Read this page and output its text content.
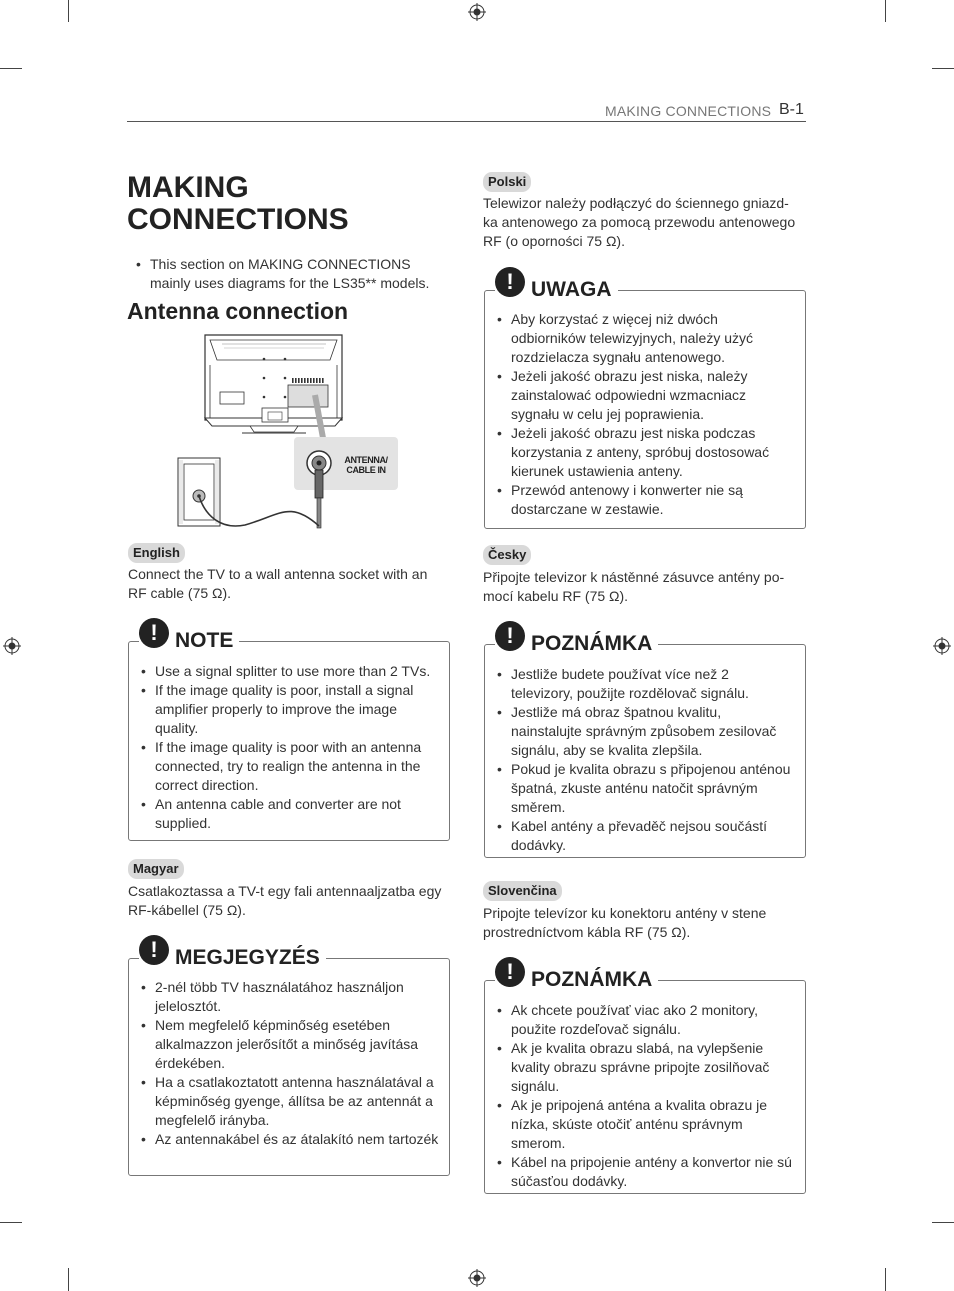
MAKING CONNECTIONS B-1
MAKING
CONNECTIONS
• This section on MAKING CONNECTIONS mainly uses diagrams for the LS35** models.
Antenna connection
ANTENNA/
CABLE IN
English
Connect the TV to a wall antenna socket with an RF cable (75 Ω).
! NOTE
• Use a signal splitter to use more than 2 TVs.
• If the image quality is poor, install a signal amplifier properly to improve the image quality.
• If the image quality is poor with an antenna connected, try to realign the antenna in the correct direction.
• An antenna cable and converter are not supplied.
Magyar
Csatlakoztassa a TV-t egy fali antennaaljzatba egy RF-kábellel (75 Ω).
! MEGJEGYZÉS
• 2-nél több TV használatához használjon jelelosztót.
• Nem megfelelő képminőség esetében alkalmazzon jelerősítőt a minőség javítása érdekében.
• Ha a csatlakoztatott antenna használatával a képminőség gyenge, állítsa be az antennát a megfelelő irányba.
• Az antennakábel és az átalakító nem tartozék
Polski
Telewizor należy podłączyć do ściennego gniazd-ka antenowego za pomocą przewodu antenowego RF (o oporności 75 Ω).
! UWAGA
• Aby korzystać z więcej niż dwóch odbiorników telewizyjnych, należy użyć rozdzielacza sygnału antenowego.
• Jeżeli jakość obrazu jest niska, należy zainstalować odpowiedni wzmacniacz sygnału w celu jej poprawienia.
• Jeżeli jakość obrazu jest niska podczas korzystania z anteny, spróbuj dostosować kierunek ustawienia anteny.
• Przewód antenowy i konwerter nie są dostarczane w zestawie.
Česky
Připojte televizor k nástěnné zásuvce antény po-mocí kabelu RF (75 Ω).
! POZNÁMKA
• Jestliže budete používat více než 2 televizory, použijte rozdělovač signálu.
• Jestliže má obraz špatnou kvalitu, nainstalujte správným způsobem zesilovač signálu, aby se kvalita zlepšila.
• Pokud je kvalita obrazu s připojenou anténou špatná, zkuste anténu natočit správným směrem.
• Kabel antény a převaděč nejsou součástí dodávky.
Slovenčina
Pripojte televízor ku konektoru antény v stene prostredníctvom kábla RF (75 Ω).
! POZNÁMKA
• Ak chcete používať viac ako 2 monitory, použite rozdeľovač signálu.
• Ak je kvalita obrazu slabá, na vylepšenie kvality obrazu správne pripojte zosilňovač signálu.
• Ak je pripojená anténa a kvalita obrazu je nízka, skúste otočiť anténu správnym smerom.
• Kábel na pripojenie antény a konvertor nie sú súčasťou dodávky.
